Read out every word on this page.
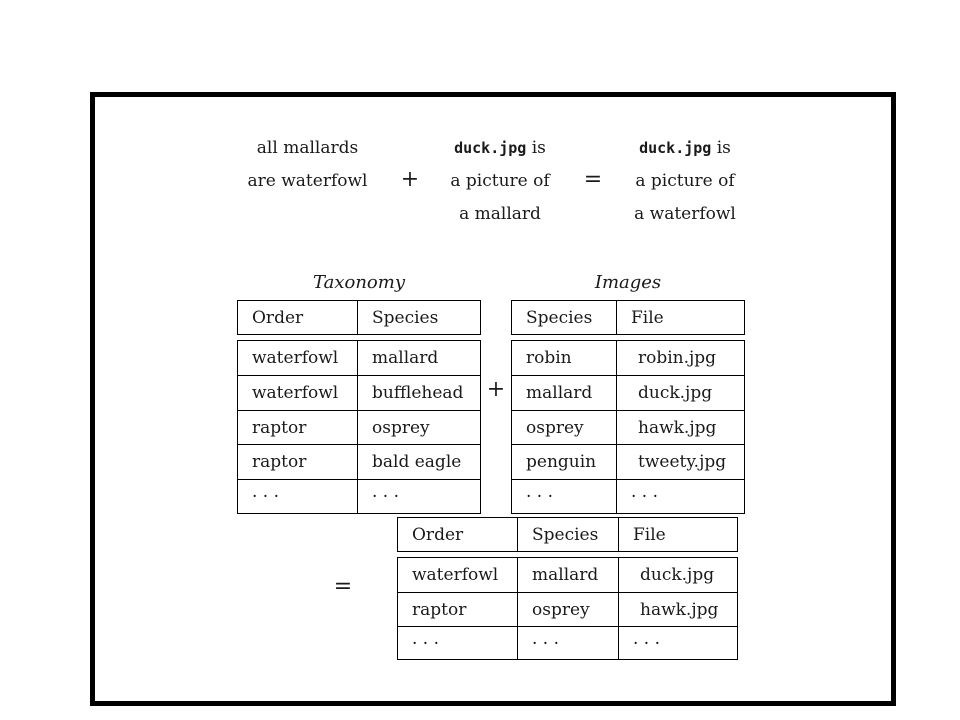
all mallards
are waterfowl	+
duck.jpg is
a picture of
a mallard
=
duck.jpg is
a picture of
a waterfowl
Taxonomy
Order	Species
waterfowl	mallard
waterfowl	bufflehead
raptor	osprey
raptor	bald eagle
· · ·	· · ·
+
Images
Species	File
robin	robin.jpg
mallard	duck.jpg
osprey	hawk.jpg
penguin	tweety.jpg
· · ·	· · ·
=
Order	Species	File
waterfowl	mallard	duck.jpg
raptor	osprey	hawk.jpg
· · ·	· · ·	· · ·
